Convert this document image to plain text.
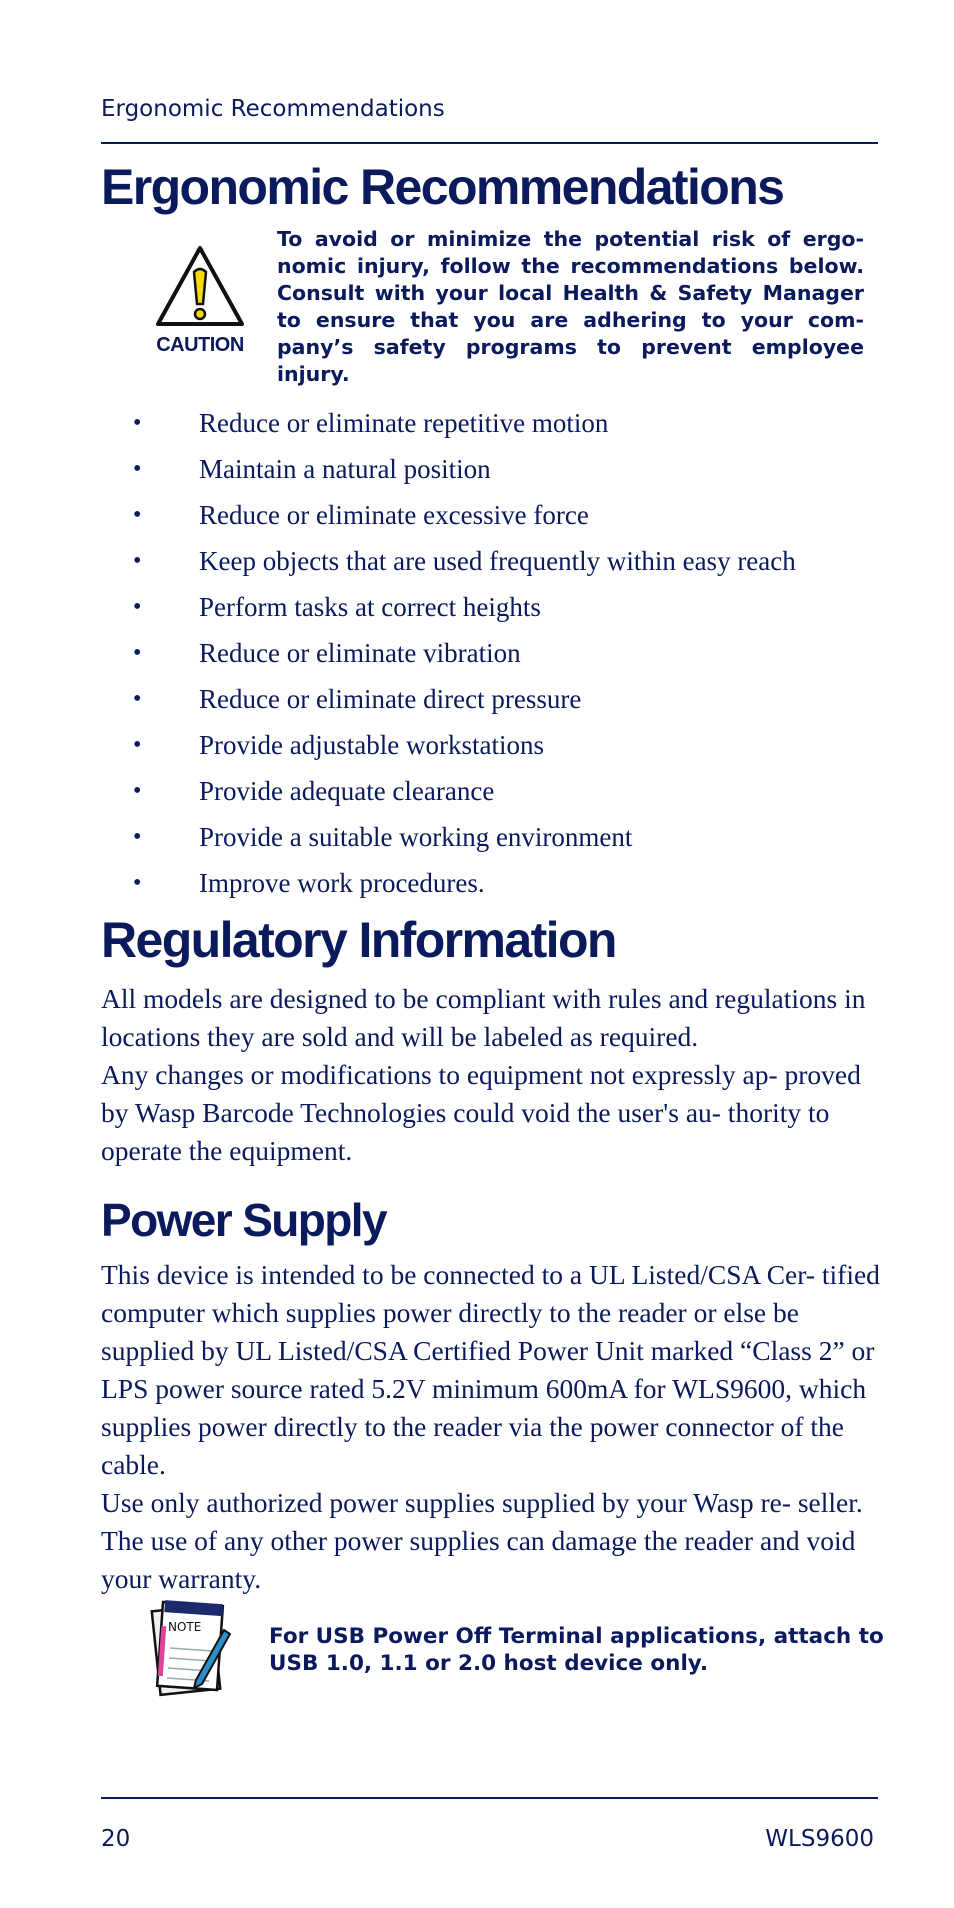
Ergonomic Recommendations
Ergonomic Recommendations
CAUTION

To avoid or minimize the potential risk of ergo- nomic injury, follow the recommendations below. Consult with your local Health & Safety Manager to ensure that you are adhering to your com- pany’s safety programs to prevent employee injury.

• Reduce or eliminate repetitive motion
• Maintain a natural position
• Reduce or eliminate excessive force
• Keep objects that are used frequently within easy reach
• Perform tasks at correct heights
• Reduce or eliminate vibration
• Reduce or eliminate direct pressure
• Provide adjustable workstations
• Provide adequate clearance
• Provide a suitable working environment
• Improve work procedures.
Regulatory Information

All models are designed to be compliant with rules and regulations in locations they are sold and will be labeled as required.

Any changes or modifications to equipment not expressly ap- proved by Wasp Barcode Technologies could void the user's au- thority to operate the equipment.

Power Supply

This device is intended to be connected to a UL Listed/CSA Cer- tified computer which supplies power directly to the reader or else be supplied by UL Listed/CSA Certified Power Unit marked “Class 2” or LPS power source rated 5.2V minimum 600mA for WLS9600, which supplies power directly to the reader via the power connector of the cable.

Use only authorized power supplies supplied by your Wasp re- seller. The use of any other power supplies can damage the reader and void your warranty.

NOTE	For USB Power Off Terminal applications, attach to USB 1.0, 1.1 or 2.0 host device only.

20	WLS9600
